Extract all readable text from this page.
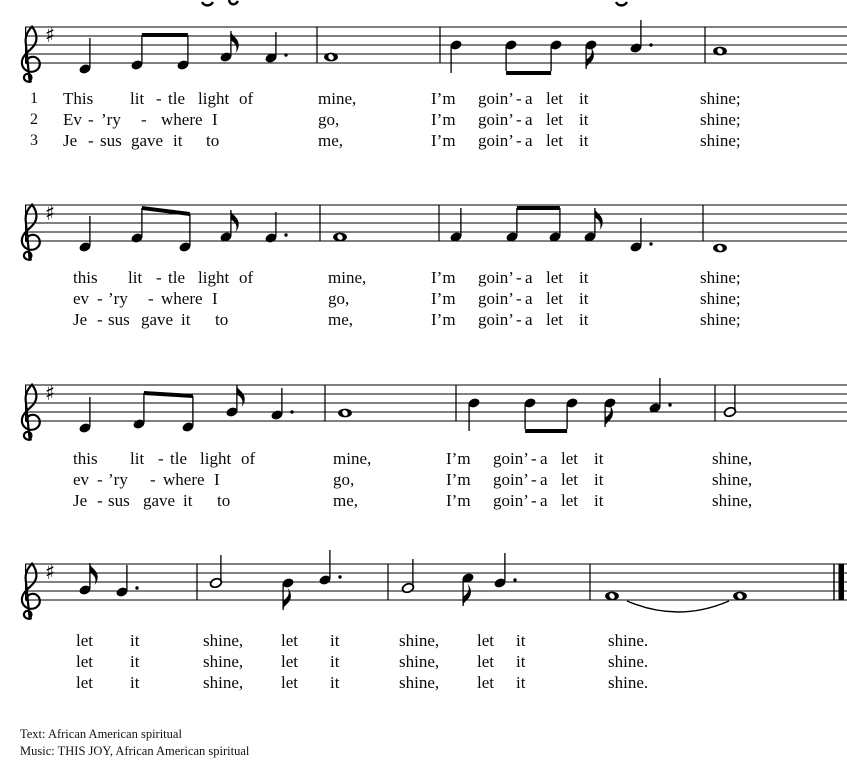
♯
♯
♯
♯
1 This lit - tle light of	mine,	I’m goin’ - a let it	shine;
2 Ev - ’ry - where I	go,	I’m goin’ - a let it	shine;
3 Je - sus gave it to	me,	I’m goin’ - a let it	shine;
this lit - tle light of	mine,	I’m goin’ - a let it	shine;
ev - ’ry - where I	go,	I’m goin’ - a let it	shine;
Je - sus gave it to	me,	I’m goin’ - a let it	shine;
this lit - tle light of	mine,	I’m goin’ - a let it	shine,
ev - ’ry - where I	go,	I’m goin’ - a let it	shine,
Je - sus gave it to	me,	I’m goin’ - a let it	shine,
let it	shine, let it	shine, let it	shine.
let it	shine, let it	shine, let it	shine.
let it	shine, let it	shine, let it	shine.
Text: African American spiritual
Music: THIS JOY, African American spiritual
